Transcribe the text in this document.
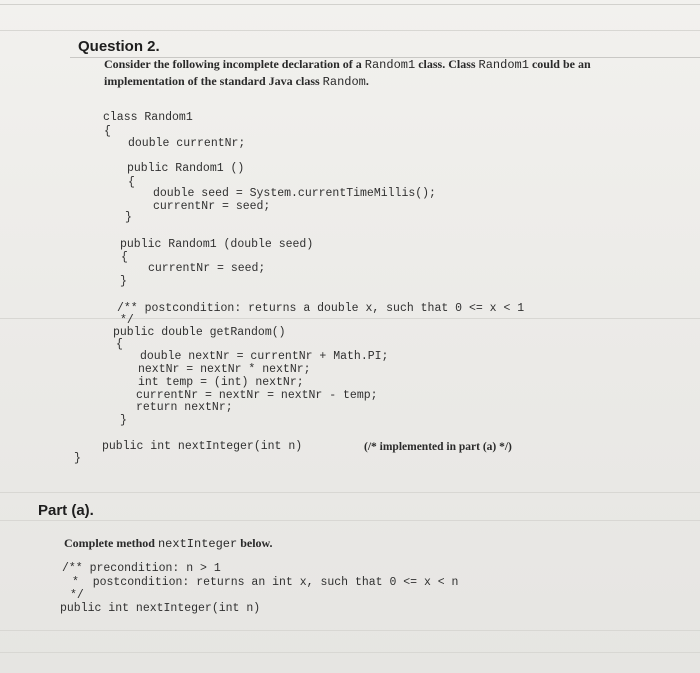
Question 2.
Consider the following incomplete declaration of a Random1 class. Class Random1 could be an implementation of the standard Java class Random.
class Random1
{
double currentNr;
public Random1 ()
{
double seed = System.currentTimeMillis();
currentNr = seed;
}
public Random1 (double seed)
{
currentNr = seed;
}
/** postcondition: returns a double x, such that 0 <= x < 1
*/
public double getRandom()
{
double nextNr = currentNr + Math.PI;
nextNr = nextNr * nextNr;
int temp = (int) nextNr;
currentNr = nextNr = nextNr - temp;
return nextNr;
}
public int nextInteger(int n)	(/* implemented in part (a) */)
}
Part (a).
Complete method nextInteger below.
/** precondition: n > 1
*  postcondition: returns an int x, such that 0 <= x < n
*/
public int nextInteger(int n)
